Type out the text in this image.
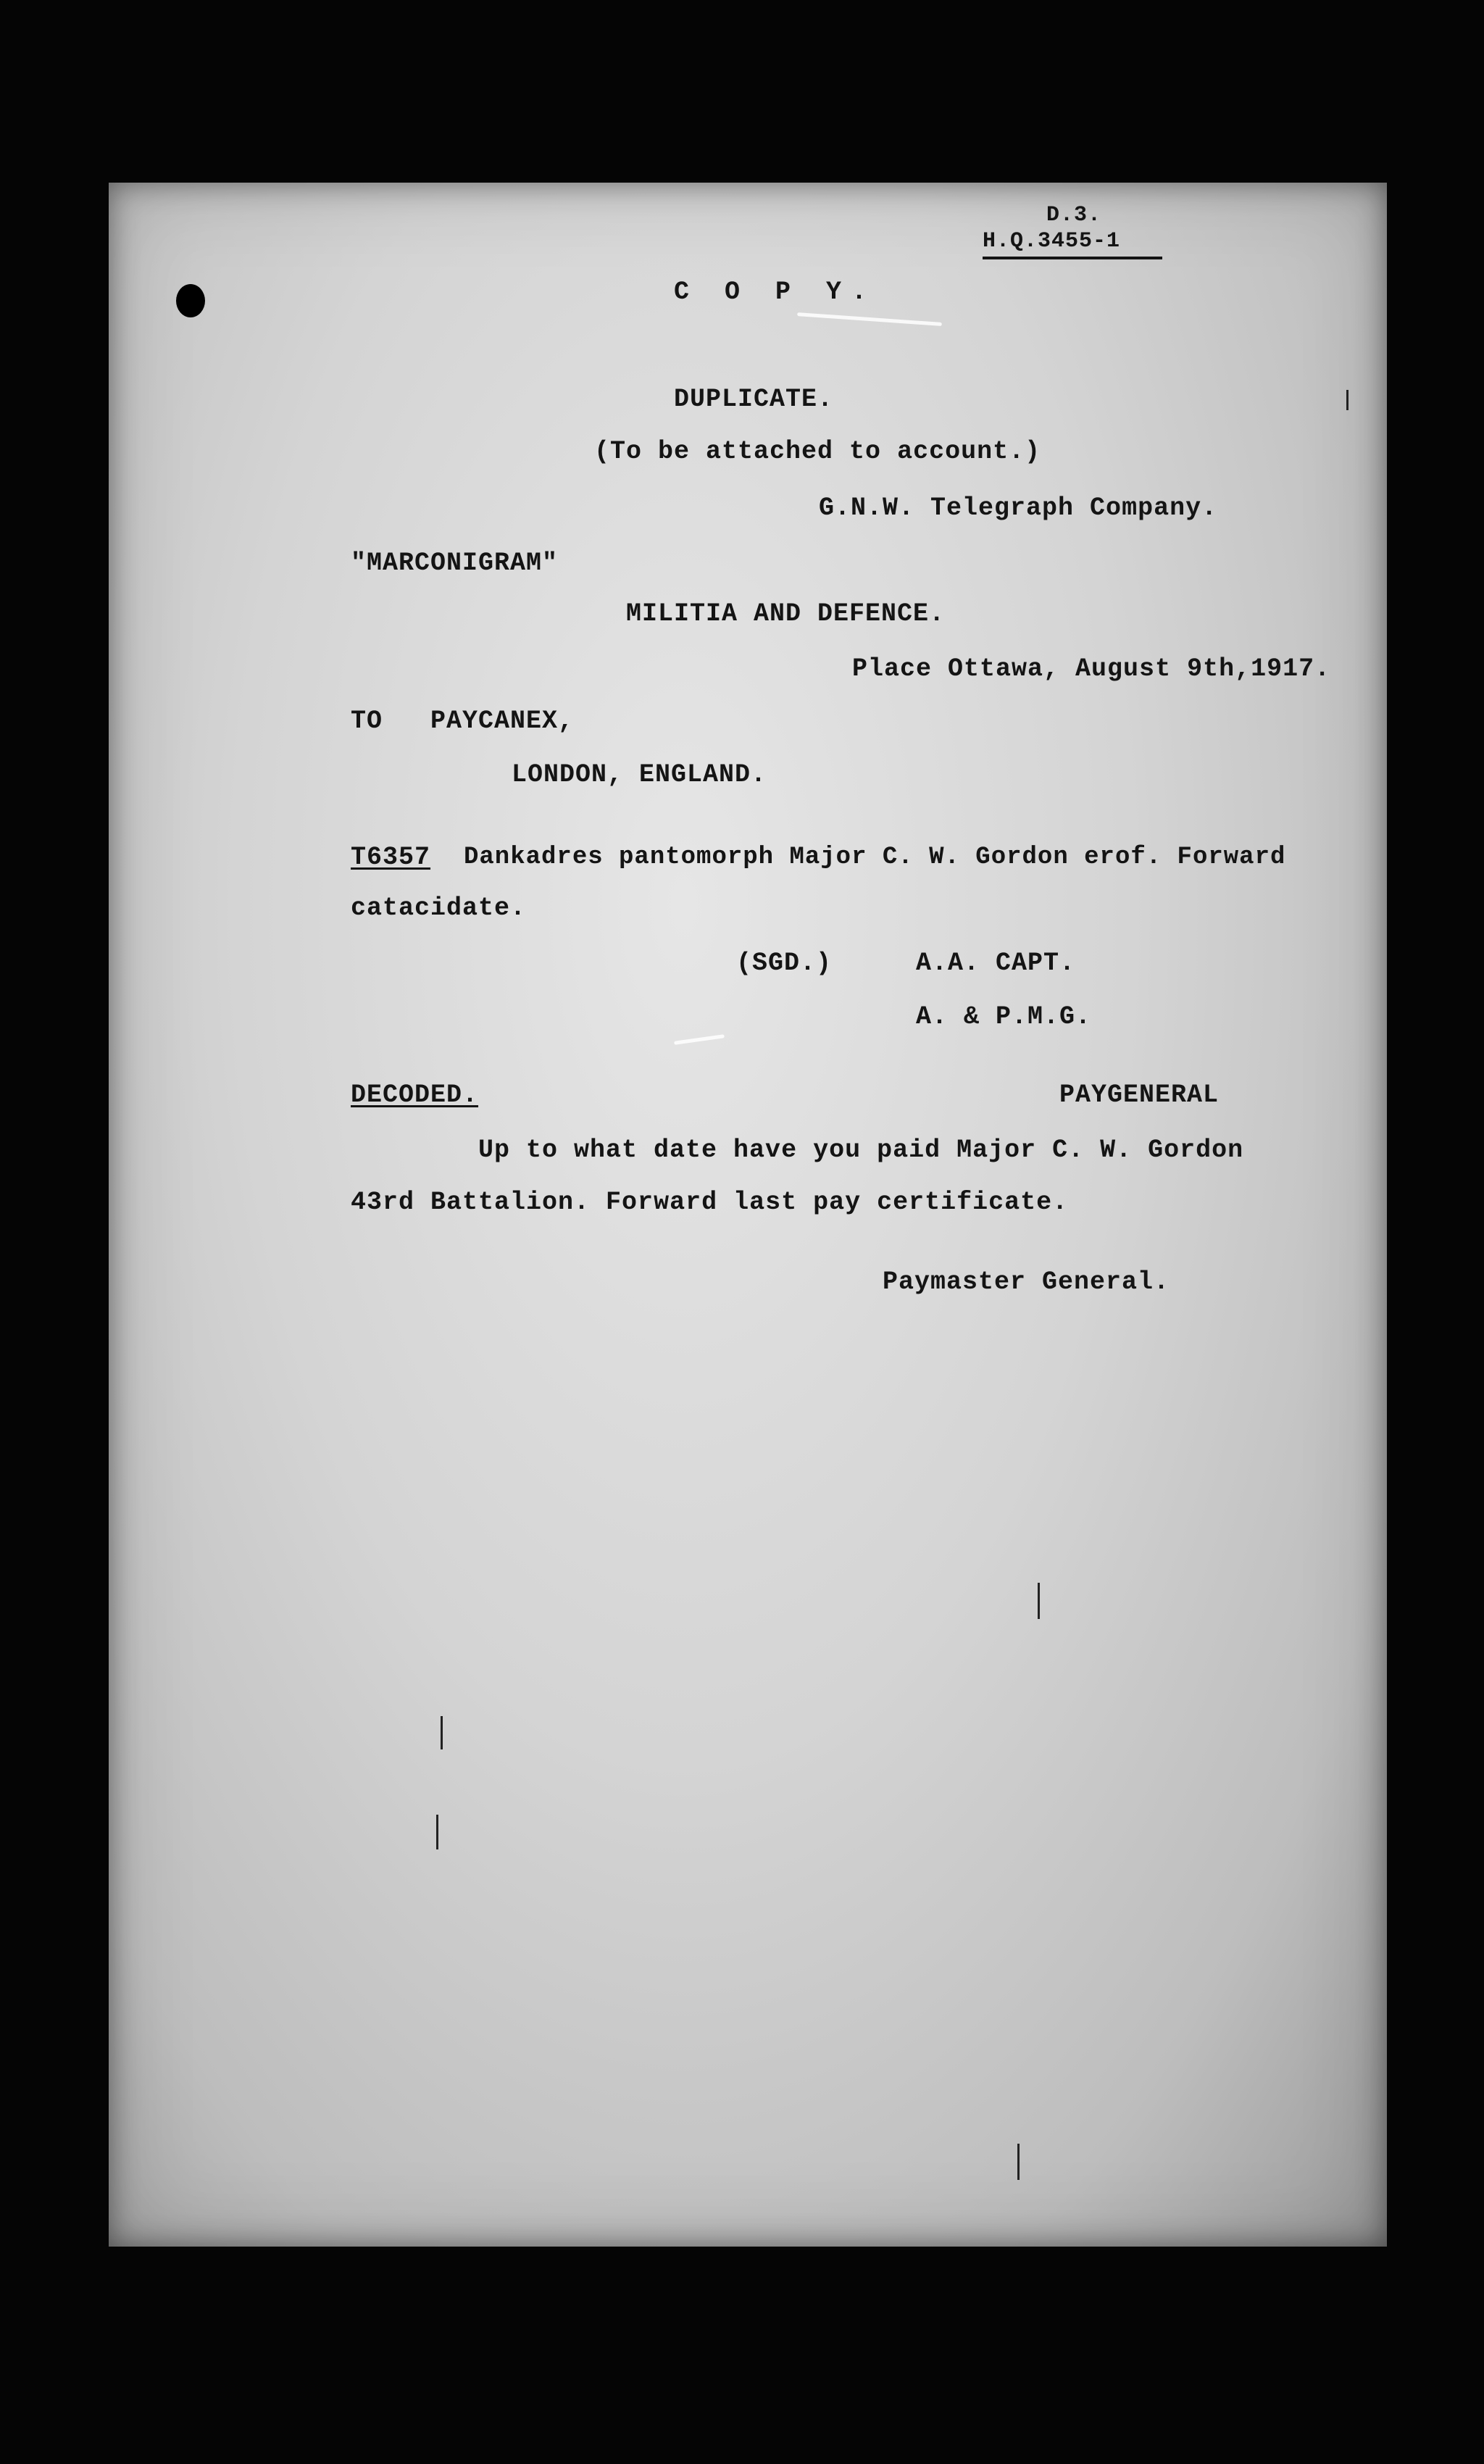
D.3.
H.Q.3455-1
C O P Y.
DUPLICATE.
(To be attached to account.)
G.N.W. Telegraph Company.
"MARCONIGRAM"
MILITIA AND DEFENCE.
Place Ottawa, August 9th,1917.
TO PAYCANEX,
LONDON, ENGLAND.
T6357 Dankadres pantomorph Major C. W. Gordon erof. Forward
catacidate.
(SGD.)	A.A. CAPT.
A. & P.M.G.
DECODED.	PAYGENERAL
Up to what date have you paid Major C. W. Gordon
43rd Battalion. Forward last pay certificate.
Paymaster General.
